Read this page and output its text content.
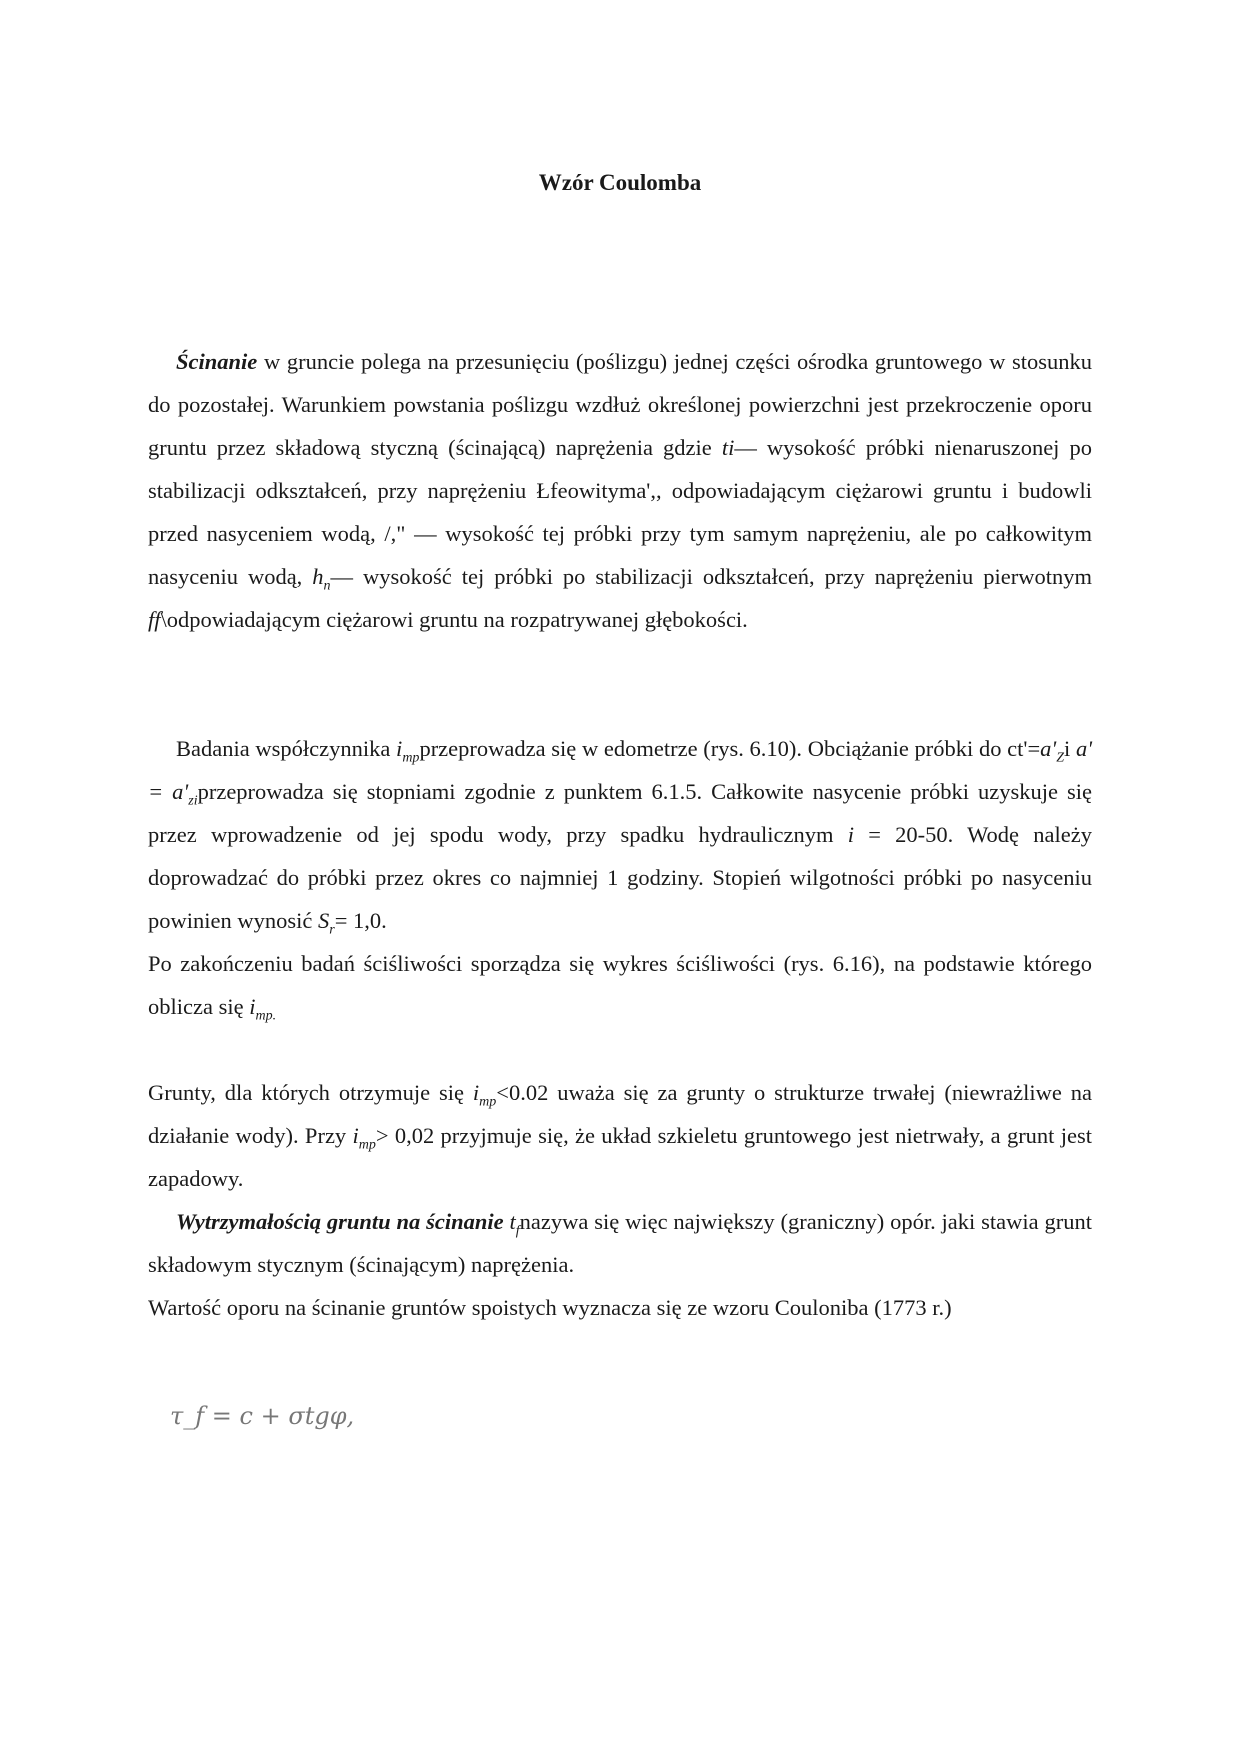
Wzór Coulomba

Ścinanie w gruncie polega na przesunięciu (poślizgu) jednej części ośrodka gruntowego w stosunku do pozostałej. Warunkiem powstania poślizgu wzdłuż określonej powierzchni jest przekroczenie oporu gruntu przez składową styczną (ścinającą) naprężenia gdzie ti— wysokość próbki nienaruszonej po stabilizacji odkształceń, przy naprężeniu Łfeowityma',, odpowiadającym ciężarowi gruntu i budowli przed nasyceniem wodą, /," — wysokość tej próbki przy tym samym naprężeniu, ale po całkowitym nasyceniu wodą, $h_n—$ wysokość tej próbki po stabilizacji odkształceń, przy naprężeniu pierwotnym ff\odpowiadającym ciężarowi gruntu na rozpatrywanej głębokości.

Badania współczynnika $i_{mp}przeprowadza$ się w edometrze (rys. 6.10). Obciążanie próbki do $ct'=a'_Zi$ $a' = a'_{zi}przeprowadza$ się stopniami zgodnie z punktem 6.1.5. Całkowite nasycenie próbki uzyskuje się przez wprowadzenie od jej spodu wody, przy spadku hydraulicznym i = 20-50. Wodę należy doprowadzać do próbki przez okres co najmniej 1 godziny. Stopień wilgotności próbki po nasyceniu powinien wynosić $S_r= 1,0$.

Po zakończeniu badań ściśliwości sporządza się wykres ściśliwości (rys. 6.16), na podstawie którego oblicza się $i_{mp.}$

Grunty, dla których otrzymuje się $i_{mp}<0.02$ uważa się za grunty o strukturze trwałej (niewrażliwe na działanie wody). Przy $i_{mp}> 0,02$ przyjmuje się, że układ szkieletu gruntowego jest nietrwały, a grunt jest zapadowy.

Wytrzymałością gruntu na ścinanie $t_fnazywa$ się więc największy (graniczny) opór. jaki stawia grunt składowym stycznym (ścinającym) naprężenia.

Wartość oporu na ścinanie gruntów spoistych wyznacza się ze wzoru Couloniba (1773 r.)

τ_f = c + σtgφ,
